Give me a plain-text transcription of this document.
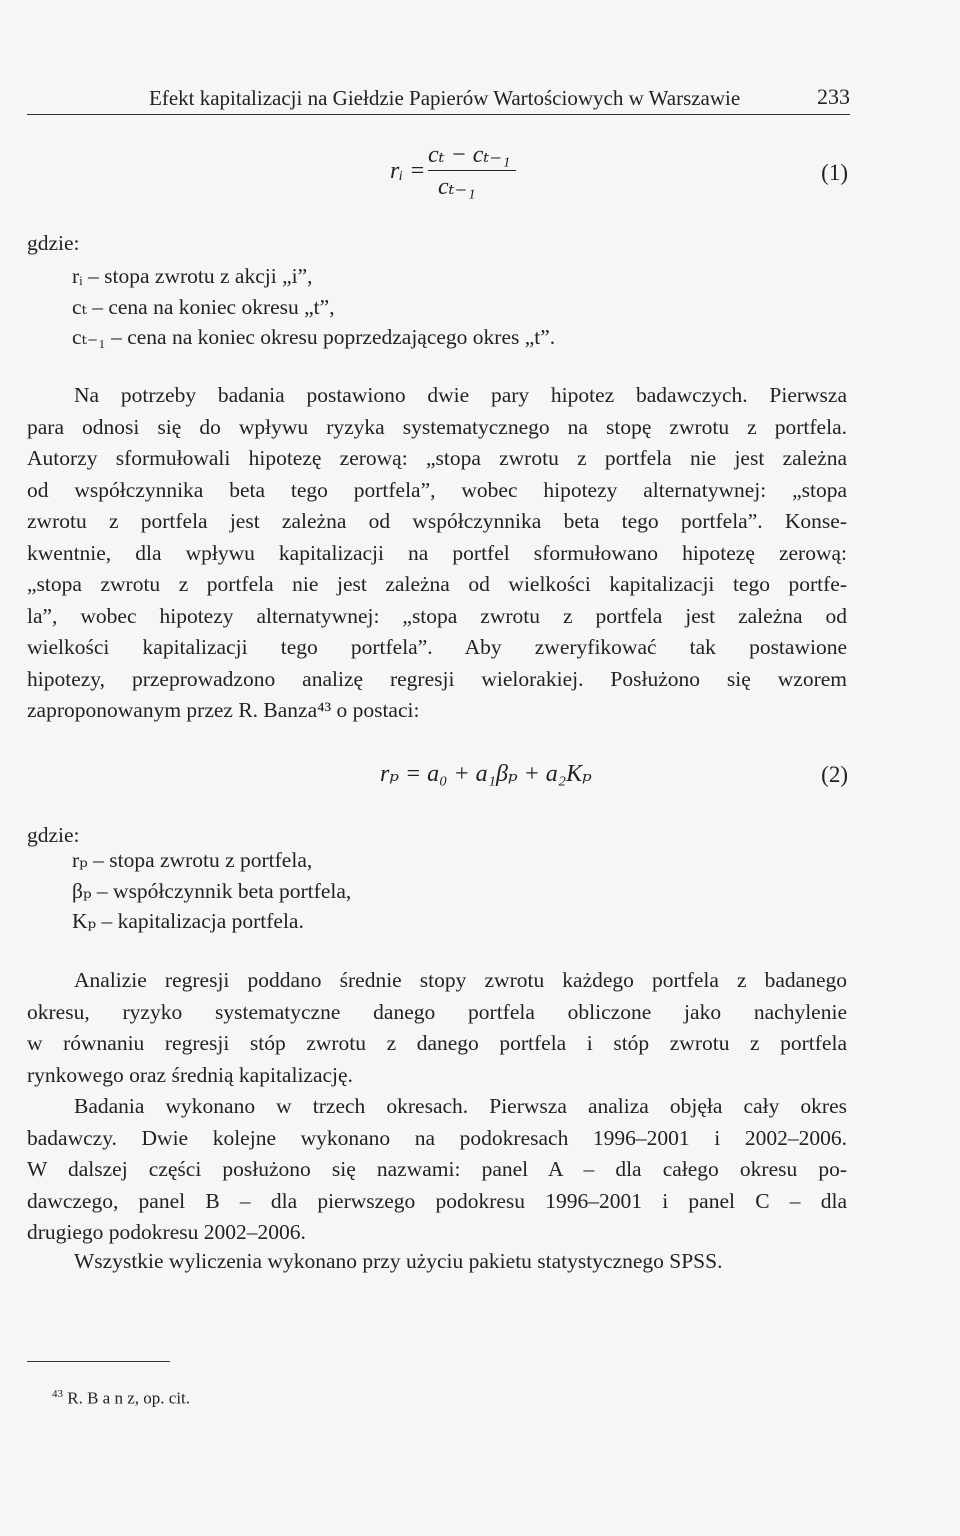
Efekt kapitalizacji na Giełdzie Papierów Wartościowych w Warszawie	233
rᵢ =
cₜ − cₜ₋₁
cₜ₋₁
(1)
gdzie:
rᵢ – stopa zwrotu z akcji „i”,
cₜ – cena na koniec okresu „t”,
cₜ₋₁ – cena na koniec okresu poprzedzającego okres „t”.

Na potrzeby badania postawiono dwie pary hipotez badawczych. Pierwsza

para odnosi się do wpływu ryzyka systematycznego na stopę zwrotu z portfela.

Autorzy sformułowali hipotezę zerową: „stopa zwrotu z portfela nie jest zależna

od współczynnika beta tego portfela”, wobec hipotezy alternatywnej: „stopa

zwrotu z portfela jest zależna od współczynnika beta tego portfela”. Konse-

kwentnie, dla wpływu kapitalizacji na portfel sformułowano hipotezę zerową:

„stopa zwrotu z portfela nie jest zależna od wielkości kapitalizacji tego portfe-

la”, wobec hipotezy alternatywnej: „stopa zwrotu z portfela jest zależna od

wielkości kapitalizacji tego portfela”. Aby zweryfikować tak postawione

hipotezy, przeprowadzono analizę regresji wielorakiej. Posłużono się wzorem

zaproponowanym przez R. Banza⁴³ o postaci:

rₚ = a₀ + a₁βₚ + a₂Kₚ	(2)
gdzie:
rₚ – stopa zwrotu z portfela,
βₚ – współczynnik beta portfela,
Kₚ – kapitalizacja portfela.

Analizie regresji poddano średnie stopy zwrotu każdego portfela z badanego

okresu, ryzyko systematyczne danego portfela obliczone jako nachylenie

w równaniu regresji stóp zwrotu z danego portfela i stóp zwrotu z portfela

rynkowego oraz średnią kapitalizację.

Badania wykonano w trzech okresach. Pierwsza analiza objęła cały okres

badawczy. Dwie kolejne wykonano na podokresach 1996–2001 i 2002–2006.

W dalszej części posłużono się nazwami: panel A – dla całego okresu po-

dawczego, panel B – dla pierwszego podokresu 1996–2001 i panel C – dla

drugiego podokresu 2002–2006.

Wszystkie wyliczenia wykonano przy użyciu pakietu statystycznego SPSS.

$^{43}$ R. B a n z, op. cit.
